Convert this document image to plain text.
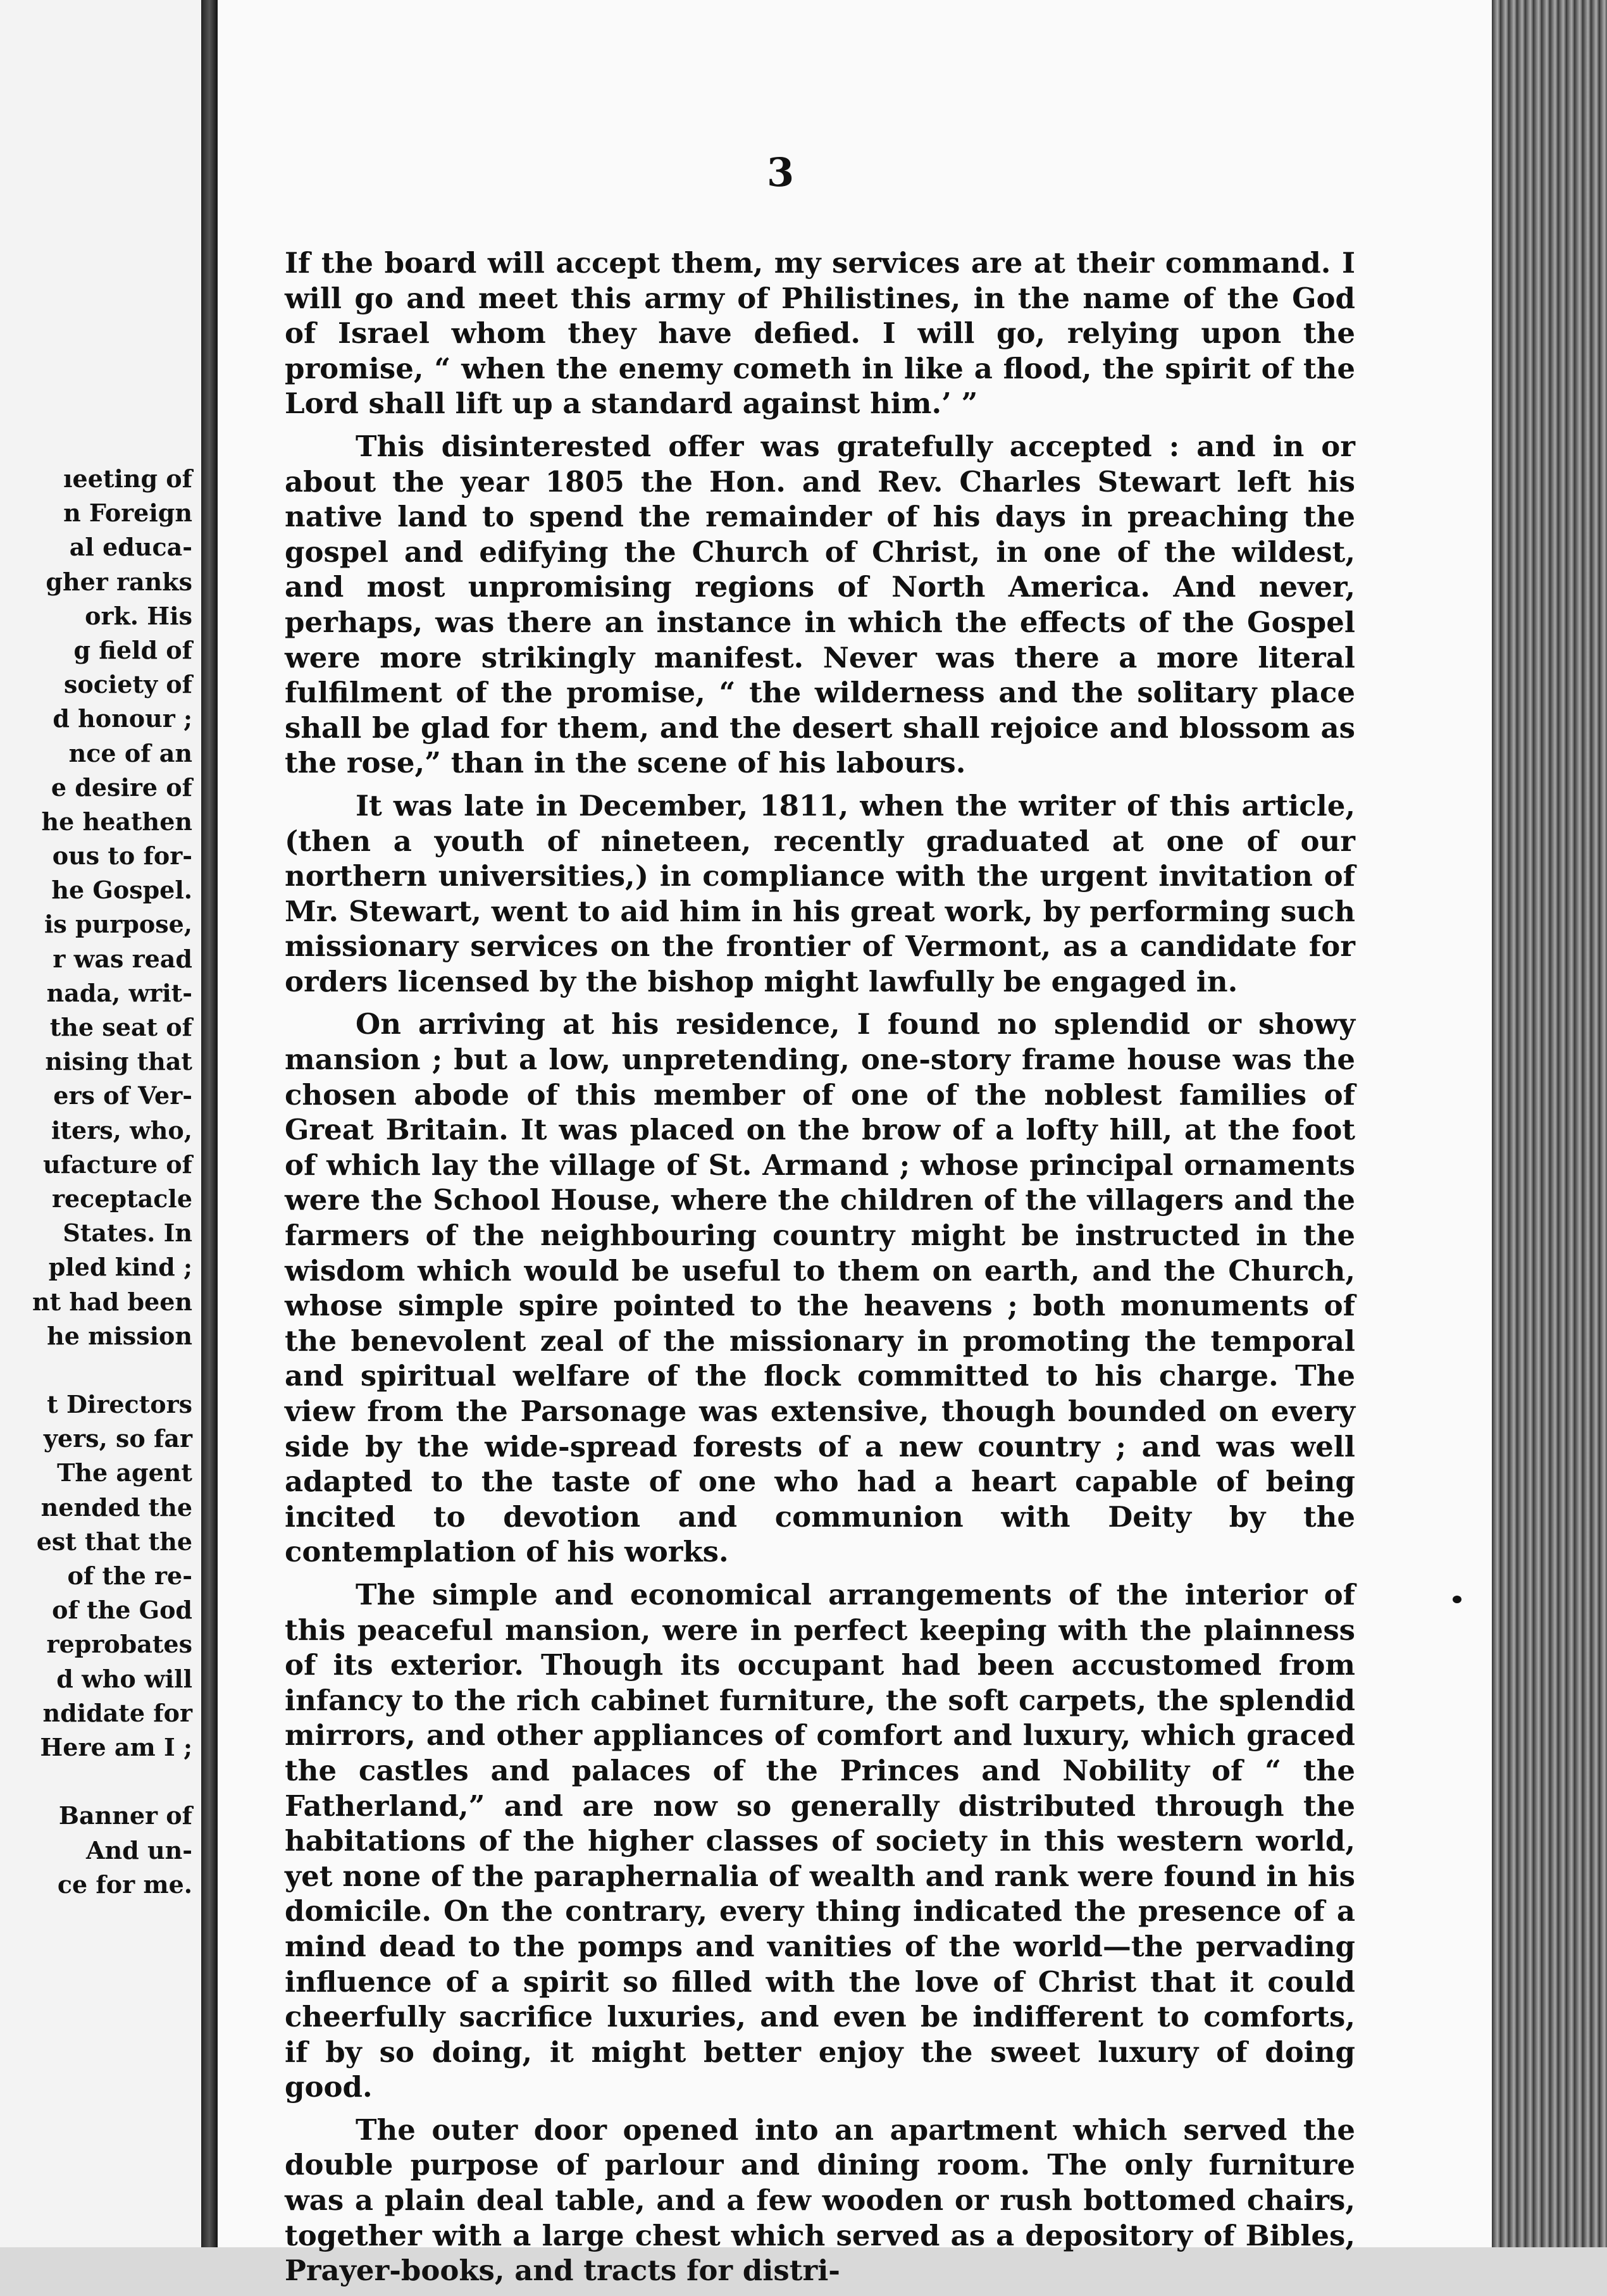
ıeeting of
n Foreign
al educa-
gher ranks
ork. His
g field of
society of
d honour ;
nce of an
e desire of
he heathen
ous to for-
he Gospel.
is purpose,
r was read
nada, writ-
the seat of
nising that
ers of Ver-
iters, who,
ufacture of
receptacle
States. In
pled kind ;
nt had been
he mission
t Directors
yers, so far
The agent
nended the
est that the
of the re-
of the God
reprobates
d who will
ndidate for
Here am I ;
Banner of
And un-
ce for me.
3

If the board will accept them, my services are at their command. I will go and meet this army of Philistines, in the name of the God of Israel whom they have defied. I will go, relying upon the promise, “ when the enemy cometh in like a flood, the spirit of the Lord shall lift up a standard against him.’ ”

This disinterested offer was gratefully accepted : and in or about the year 1805 the Hon. and Rev. Charles Stewart left his native land to spend the remainder of his days in preaching the gospel and edifying the Church of Christ, in one of the wildest, and most unpromising regions of North America. And never, perhaps, was there an instance in which the effects of the Gospel were more strikingly manifest. Never was there a more literal fulfilment of the promise, “ the wilderness and the solitary place shall be glad for them, and the desert shall rejoice and blossom as the rose,” than in the scene of his labours.

It was late in December, 1811, when the writer of this article, (then a youth of nineteen, recently graduated at one of our northern universities,) in compliance with the urgent invitation of Mr. Stewart, went to aid him in his great work, by performing such missionary services on the frontier of Vermont, as a candidate for orders licensed by the bishop might lawfully be engaged in.

On arriving at his residence, I found no splendid or showy mansion ; but a low, unpretending, one-story frame house was the chosen abode of this member of one of the noblest families of Great Britain. It was placed on the brow of a lofty hill, at the foot of which lay the village of St. Armand ; whose principal ornaments were the School House, where the children of the villagers and the farmers of the neighbouring country might be instructed in the wisdom which would be useful to them on earth, and the Church, whose simple spire pointed to the heavens ; both monuments of the benevolent zeal of the missionary in promoting the temporal and spiritual welfare of the flock committed to his charge. The view from the Parsonage was extensive, though bounded on every side by the wide-spread forests of a new country ; and was well adapted to the taste of one who had a heart capable of being incited to devotion and communion with Deity by the contemplation of his works.

The simple and economical arrangements of the interior of this peaceful mansion, were in perfect keeping with the plainness of its exterior. Though its occupant had been accustomed from infancy to the rich cabinet furniture, the soft carpets, the splendid mirrors, and other appliances of comfort and luxury, which graced the castles and palaces of the Princes and Nobility of “ the Fatherland,” and are now so generally distributed through the habitations of the higher classes of society in this western world, yet none of the paraphernalia of wealth and rank were found in his domicile. On the contrary, every thing indicated the presence of a mind dead to the pomps and vanities of the world—the pervading influence of a spirit so filled with the love of Christ that it could cheerfully sacrifice luxuries, and even be indifferent to comforts, if by so doing, it might better enjoy the sweet luxury of doing good.

The outer door opened into an apartment which served the double purpose of parlour and dining room. The only furniture was a plain deal table, and a few wooden or rush bottomed chairs, together with a large chest which served as a depository of Bibles, Prayer-books, and tracts for distri-
